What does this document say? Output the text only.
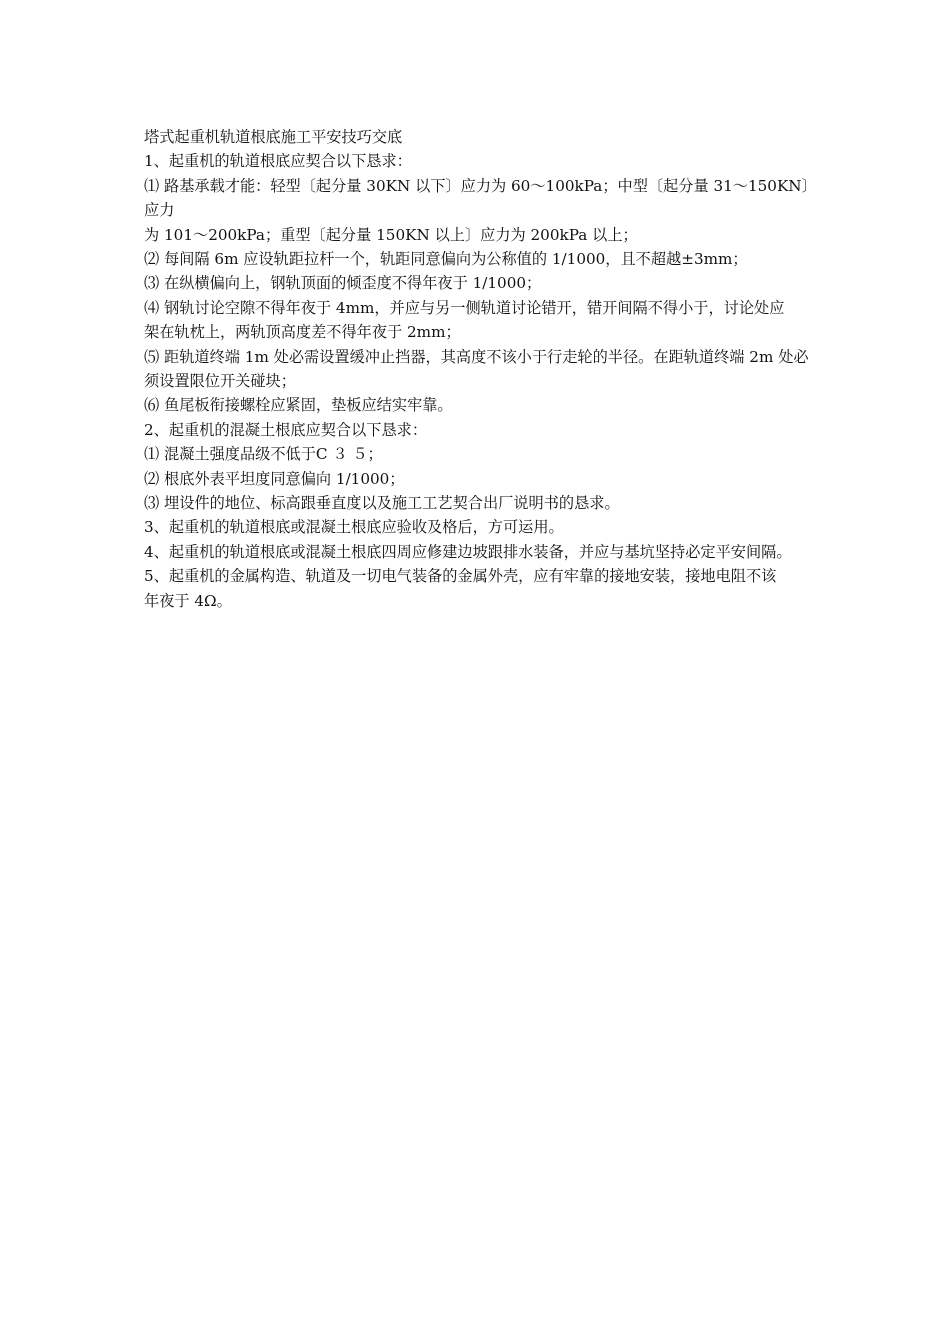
塔式起重机轨道根底施工平安技巧交底
1、起重机的轨道根底应契合以下恳求：
⑴ 路基承载才能：轻型〔起分量 30KN 以下〕应力为 60～100kPa；中型〔起分量 31～150KN〕应力
为 101～200kPa；重型〔起分量 150KN 以上〕应力为 200kPa 以上；
⑵ 每间隔 6m 应设轨距拉杆一个，轨距同意偏向为公称值的 1/1000，且不超越±3mm；
⑶ 在纵横偏向上，钢轨顶面的倾歪度不得年夜于 1/1000；
⑷ 钢轨讨论空隙不得年夜于 4mm，并应与另一侧轨道讨论错开，错开间隔不得小于，讨论处应
架在轨枕上，两轨顶高度差不得年夜于 2mm；
⑸ 距轨道终端 1m 处必需设置缓冲止挡器，其高度不该小于行走轮的半径。在距轨道终端 2m 处必
须设置限位开关碰块；
⑹ 鱼尾板衔接螺栓应紧固，垫板应结实牢靠。
2、起重机的混凝土根底应契合以下恳求：
⑴ 混凝土强度品级不低于C ３ ５；
⑵ 根底外表平坦度同意偏向 1/1000；
⑶ 埋设件的地位、标高跟垂直度以及施工工艺契合出厂说明书的恳求。
3、起重机的轨道根底或混凝土根底应验收及格后，方可运用。
4、起重机的轨道根底或混凝土根底四周应修建边坡跟排水装备，并应与基坑坚持必定平安间隔。
5、起重机的金属构造、轨道及一切电气装备的金属外壳，应有牢靠的接地安装，接地电阻不该
年夜于 4Ω。
